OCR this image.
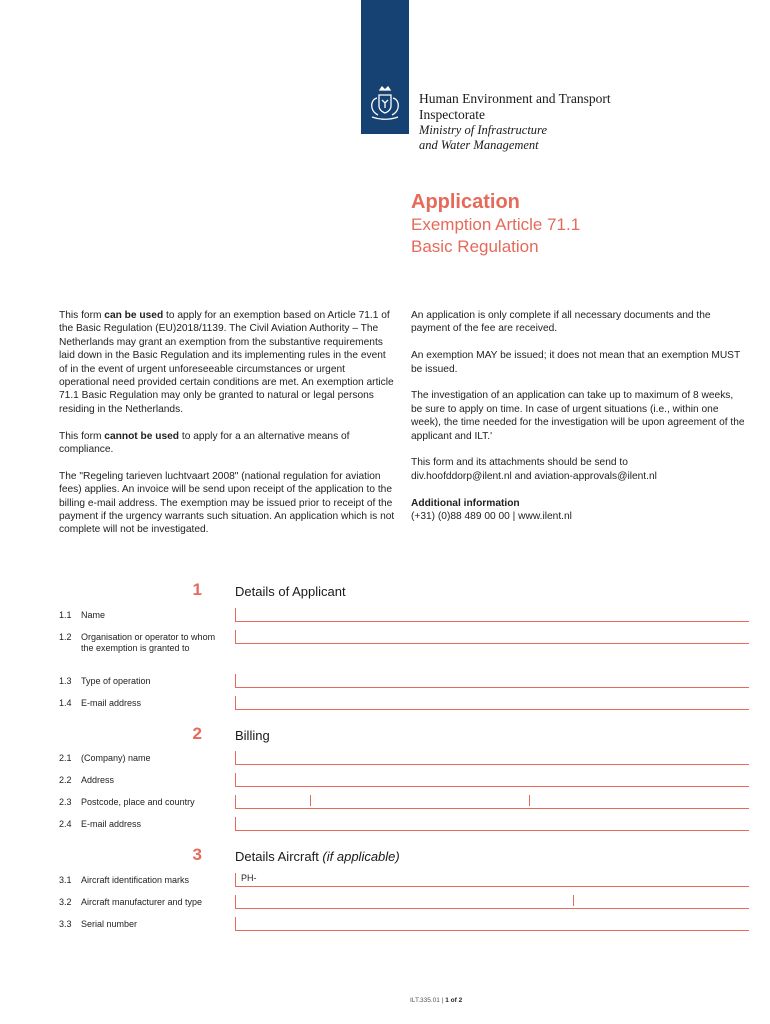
Human Environment and Transport
Inspectorate
Ministry of Infrastructure
and Water Management
Application
Exemption Article 71.1
Basic Regulation

This form can be used to apply for an exemption based on Article 71.1 of the Basic Regulation (EU)2018/1139. The Civil Aviation Authority – The Netherlands may grant an exemption from the substantive requirements laid down in the Basic Regulation and its implementing rules in the event of in the event of urgent unforeseeable circumstances or urgent operational need provided certain conditions are met. An exemption article 71.1 Basic Regulation may only be granted to natural or legal persons residing in the Netherlands.

This form cannot be used to apply for a an alternative means of compliance.

The "Regeling tarieven luchtvaart 2008" (national regulation for aviation fees) applies. An invoice will be send upon receipt of the application to the billing e-mail address. The exemption may be issued prior to receipt of the payment if the urgency warrants such situation. An application which is not complete will not be investigated.

An application is only complete if all necessary documents and the payment of the fee are received.

An exemption MAY be issued; it does not mean that an exemption MUST be issued.

The investigation of an application can take up to maximum of 8 weeks, be sure to apply on time. In case of urgent situations (i.e., within one week), the time needed for the investigation will be upon agreement of the applicant and ILT.'

This form and its attachments should be send to
div.hoofddorp@ilent.nl and aviation-approvals@ilent.nl

Additional information
(+31) (0)88 489 00 00 | www.ilent.nl

1	Details of Applicant
1.1 Name
1.2 Organisation or operator to whom the exemption is granted to
1.3 Type of operation
1.4 E-mail address
2	Billing
2.1 (Company) name
2.2 Address
2.3 Postcode, place and country
2.4 E-mail address
3	Details Aircraft (if applicable)
3.1 Aircraft identification marks	PH-
3.2 Aircraft manufacturer and type
3.3 Serial number
ILT.335.01 | 1 of 2
